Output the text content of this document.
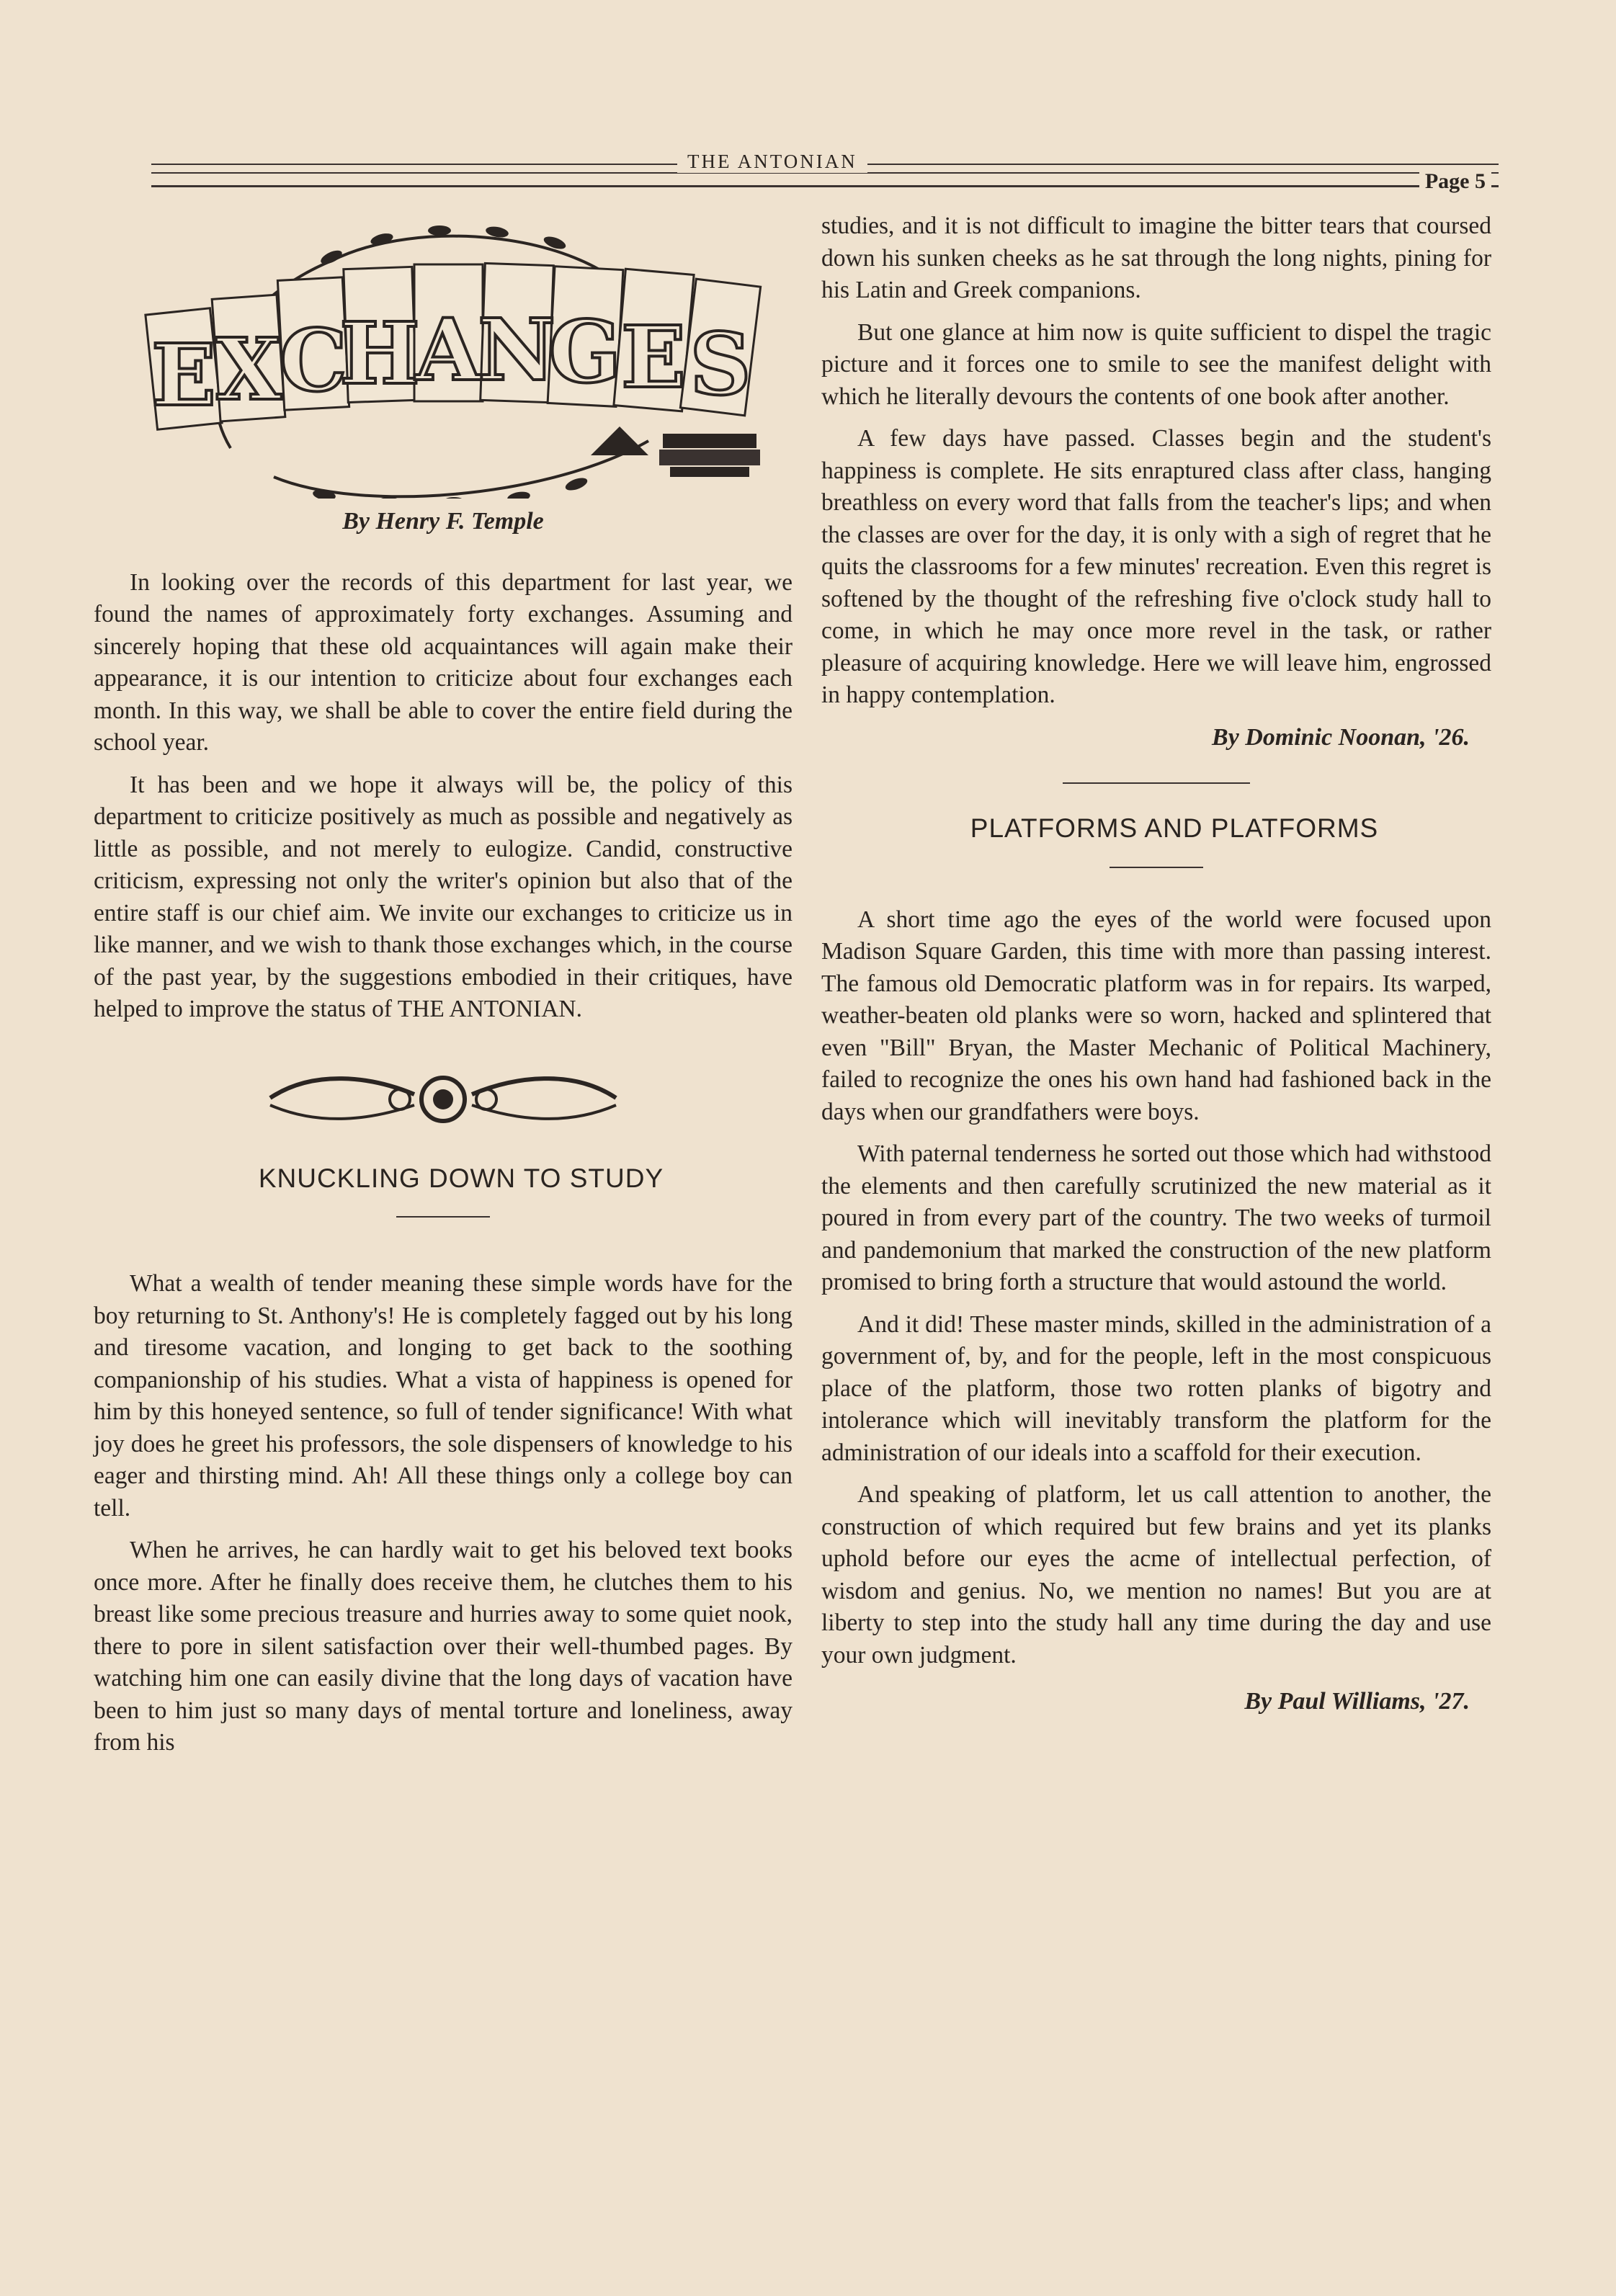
THE ANTONIAN
Page 5
E X
C
H
A
N
G E S

By Henry F. Temple

In looking over the records of this department for last year, we found the names of approximately forty exchanges. Assuming and sincerely hoping that these old acquaintances will again make their appearance, it is our intention to criticize about four exchanges each month. In this way, we shall be able to cover the entire field during the school year.

It has been and we hope it always will be, the policy of this department to criticize positively as much as possible and negatively as little as possible, and not merely to eulogize. Candid, constructive criticism, expressing not only the writer's opinion but also that of the entire staff is our chief aim. We invite our exchanges to criticize us in like manner, and we wish to thank those exchanges which, in the course of the past year, by the suggestions embodied in their critiques, have helped to improve the status of THE ANTONIAN.

KNUCKLING DOWN TO STUDY

What a wealth of tender meaning these simple words have for the boy returning to St. Anthony's! He is completely fagged out by his long and tiresome vacation, and longing to get back to the soothing companionship of his studies. What a vista of happiness is opened for him by this honeyed sentence, so full of tender significance! With what joy does he greet his professors, the sole dispensers of knowledge to his eager and thirsting mind. Ah! All these things only a college boy can tell.

When he arrives, he can hardly wait to get his beloved text books once more. After he finally does receive them, he clutches them to his breast like some precious treasure and hurries away to some quiet nook, there to pore in silent satisfaction over their well-thumbed pages. By watching him one can easily divine that the long days of vacation have been to him just so many days of mental torture and loneliness, away from his

studies, and it is not difficult to imagine the bitter tears that coursed down his sunken cheeks as he sat through the long nights, pining for his Latin and Greek companions.

But one glance at him now is quite sufficient to dispel the tragic picture and it forces one to smile to see the manifest delight with which he literally devours the contents of one book after another.

A few days have passed. Classes begin and the student's happiness is complete. He sits enraptured class after class, hanging breathless on every word that falls from the teacher's lips; and when the classes are over for the day, it is only with a sigh of regret that he quits the classrooms for a few minutes' recreation. Even this regret is softened by the thought of the refreshing five o'clock study hall to come, in which he may once more revel in the task, or rather pleasure of acquiring knowledge. Here we will leave him, engrossed in happy contemplation.

By Dominic Noonan, '26.

PLATFORMS AND PLATFORMS

A short time ago the eyes of the world were focused upon Madison Square Garden, this time with more than passing interest. The famous old Democratic platform was in for repairs. Its warped, weather-beaten old planks were so worn, hacked and splintered that even "Bill" Bryan, the Master Mechanic of Political Machinery, failed to recognize the ones his own hand had fashioned back in the days when our grandfathers were boys.

With paternal tenderness he sorted out those which had withstood the elements and then carefully scrutinized the new material as it poured in from every part of the country. The two weeks of turmoil and pandemonium that marked the construction of the new platform promised to bring forth a structure that would astound the world.

And it did! These master minds, skilled in the administration of a government of, by, and for the people, left in the most conspicuous place of the platform, those two rotten planks of bigotry and intolerance which will inevitably transform the platform for the administration of our ideals into a scaffold for their execution.

And speaking of platform, let us call attention to another, the construction of which required but few brains and yet its planks uphold before our eyes the acme of intellectual perfection, of wisdom and genius. No, we mention no names! But you are at liberty to step into the study hall any time during the day and use your own judgment.

By Paul Williams, '27.
